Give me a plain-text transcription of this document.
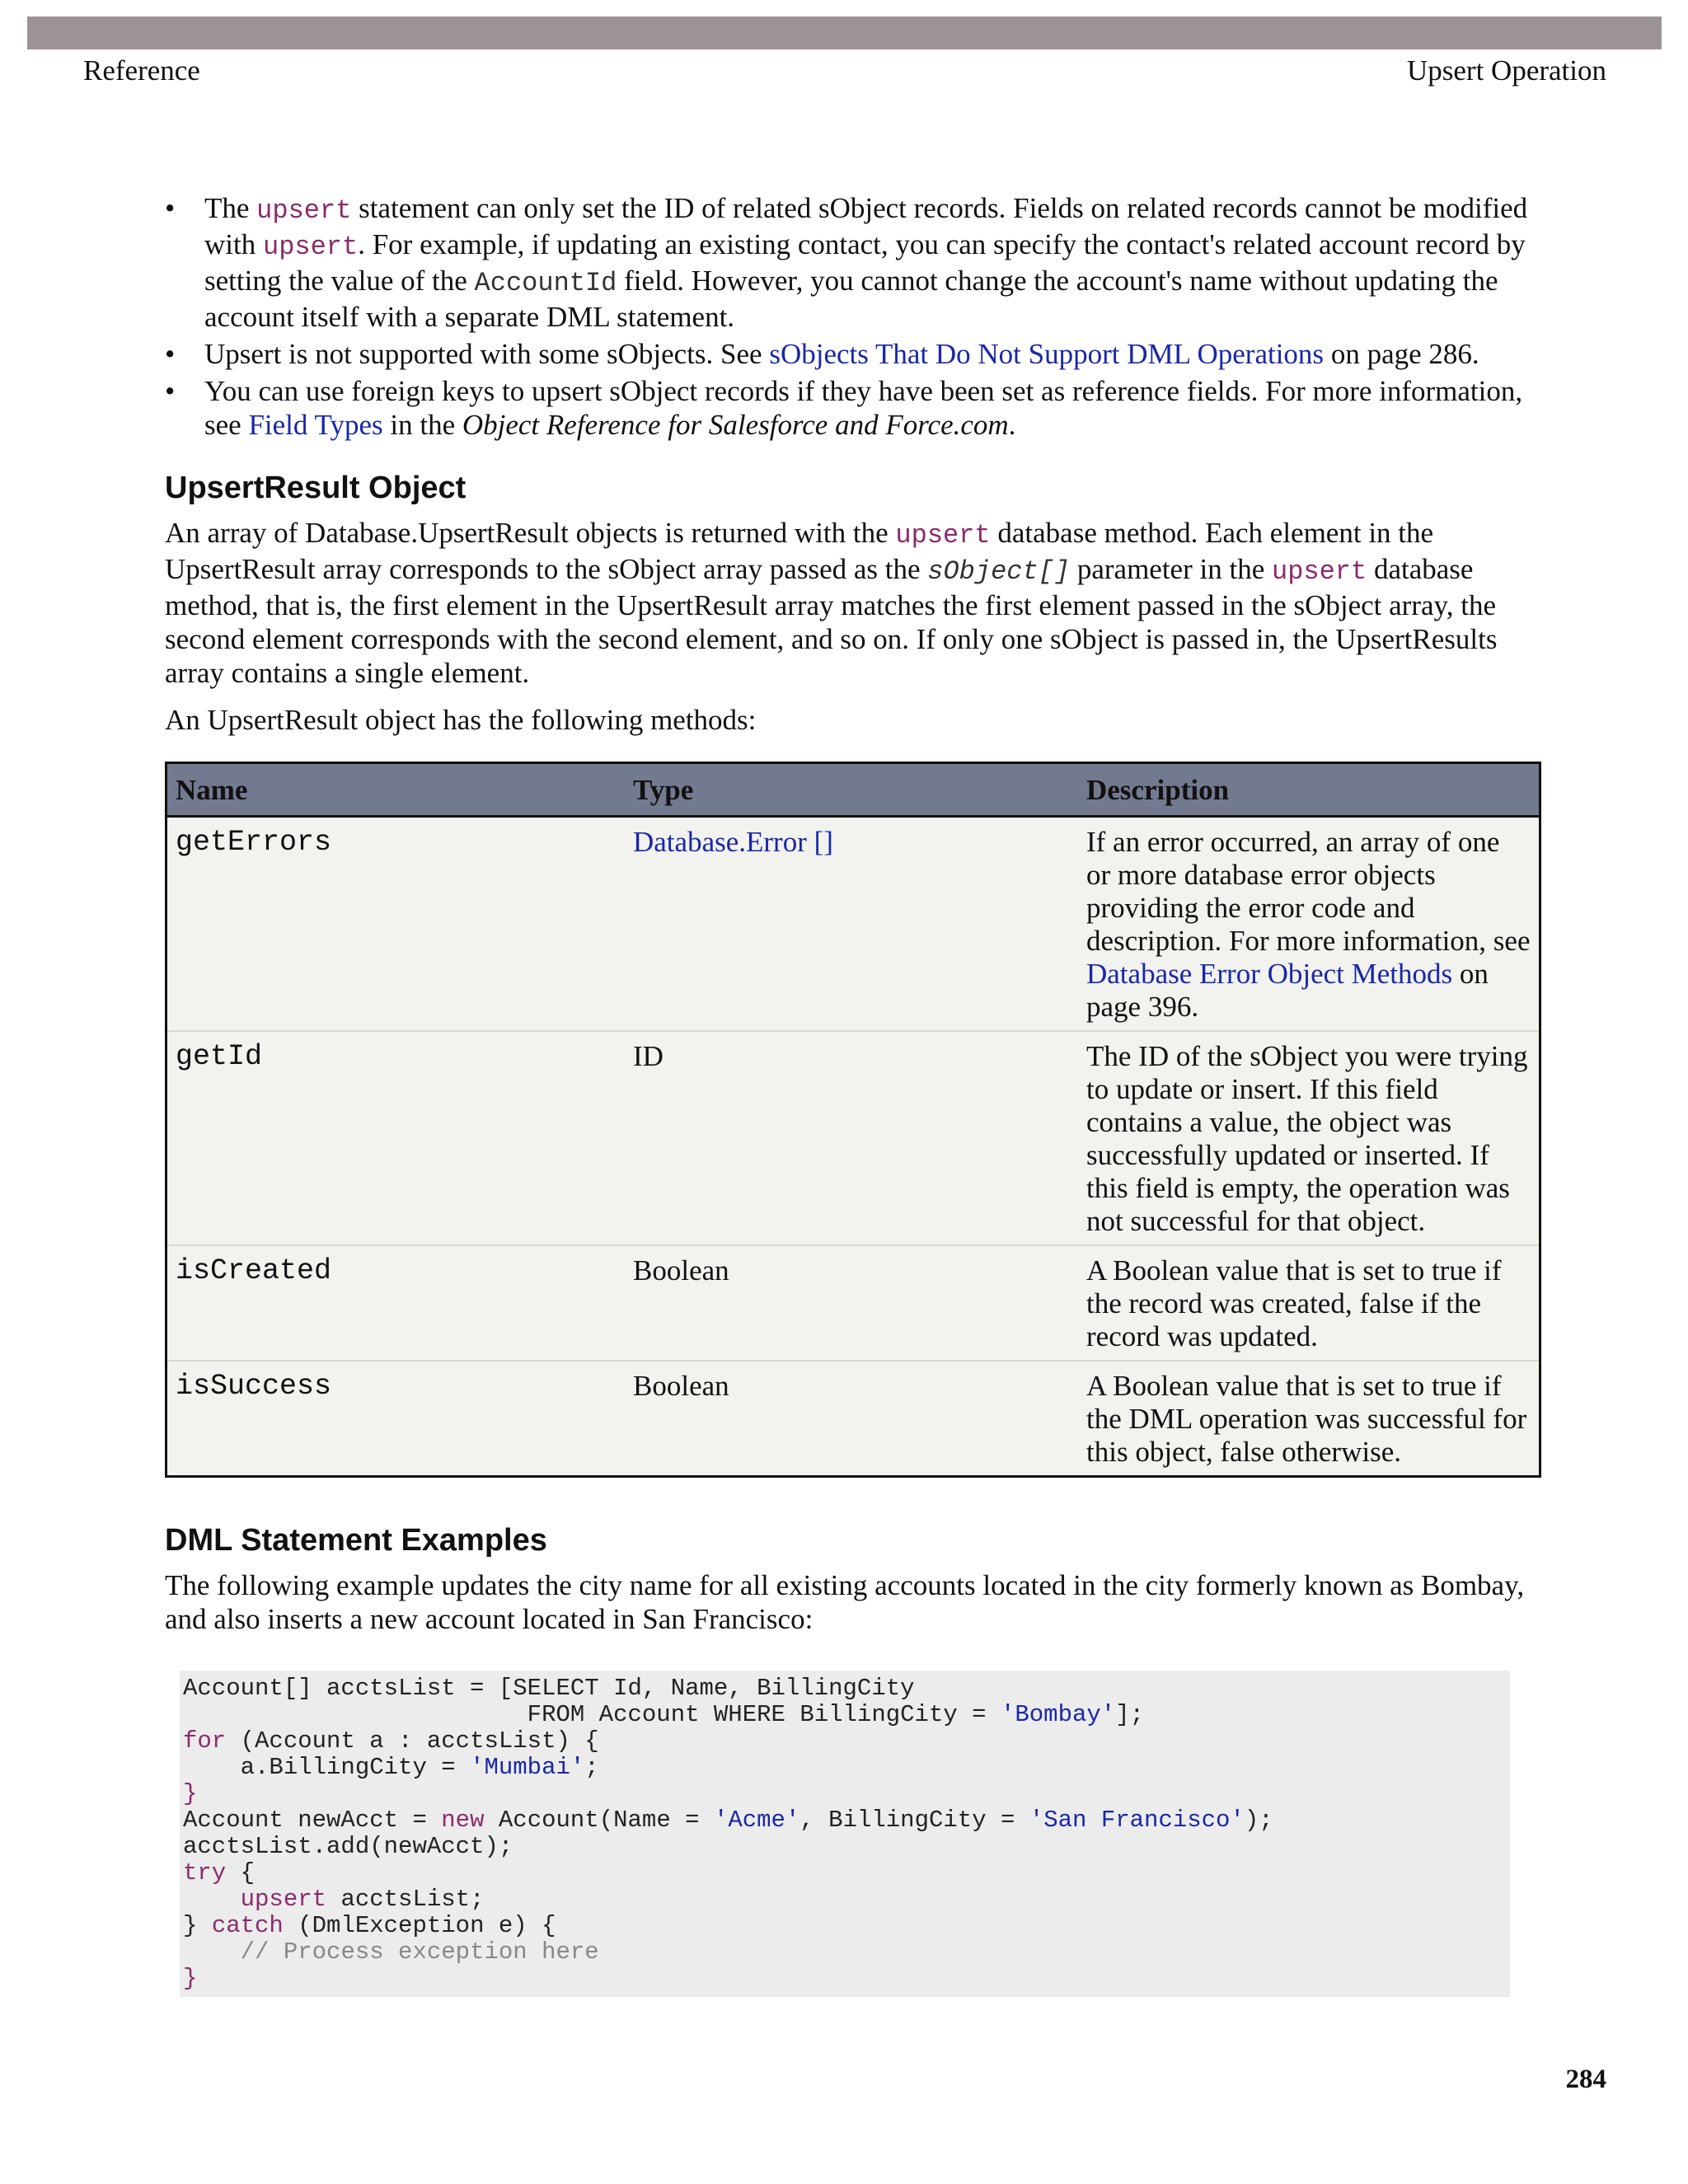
Reference	Upsert Operation
• The upsert statement can only set the ID of related sObject records. Fields on related records cannot be modified with upsert. For example, if updating an existing contact, you can specify the contact's related account record by setting the value of the AccountId field. However, you cannot change the account's name without updating the account itself with a separate DML statement.
• Upsert is not supported with some sObjects. See sObjects That Do Not Support DML Operations on page 286.
• You can use foreign keys to upsert sObject records if they have been set as reference fields. For more information, see Field Types in the Object Reference for Salesforce and Force.com.
UpsertResult Object

An array of Database.UpsertResult objects is returned with the upsert database method. Each element in the UpsertResult array corresponds to the sObject array passed as the sObject[] parameter in the upsert database method, that is, the first element in the UpsertResult array matches the first element passed in the sObject array, the second element corresponds with the second element, and so on. If only one sObject is passed in, the UpsertResults array contains a single element.

An UpsertResult object has the following methods:

Name	Type	Description
getErrors	Database.Error []	If an error occurred, an array of one or more database error objects providing the error code and description. For more information, see Database Error Object Methods on page 396.
getId	ID	The ID of the sObject you were trying to update or insert. If this field contains a value, the object was successfully updated or inserted. If this field is empty, the operation was not successful for that object.
isCreated	Boolean	A Boolean value that is set to true if the record was created, false if the record was updated.
isSuccess	Boolean	A Boolean value that is set to true if the DML operation was successful for this object, false otherwise.
DML Statement Examples

The following example updates the city name for all existing accounts located in the city formerly known as Bombay, and also inserts a new account located in San Francisco:

Account[] acctsList = [SELECT Id, Name, BillingCity
FROM Account WHERE BillingCity = 'Bombay'];
for (Account a : acctsList) {
a.BillingCity = 'Mumbai';
}
Account newAcct = new Account(Name = 'Acme', BillingCity = 'San Francisco');
acctsList.add(newAcct);
try {
upsert acctsList;
} catch (DmlException e) {
// Process exception here
}
284
